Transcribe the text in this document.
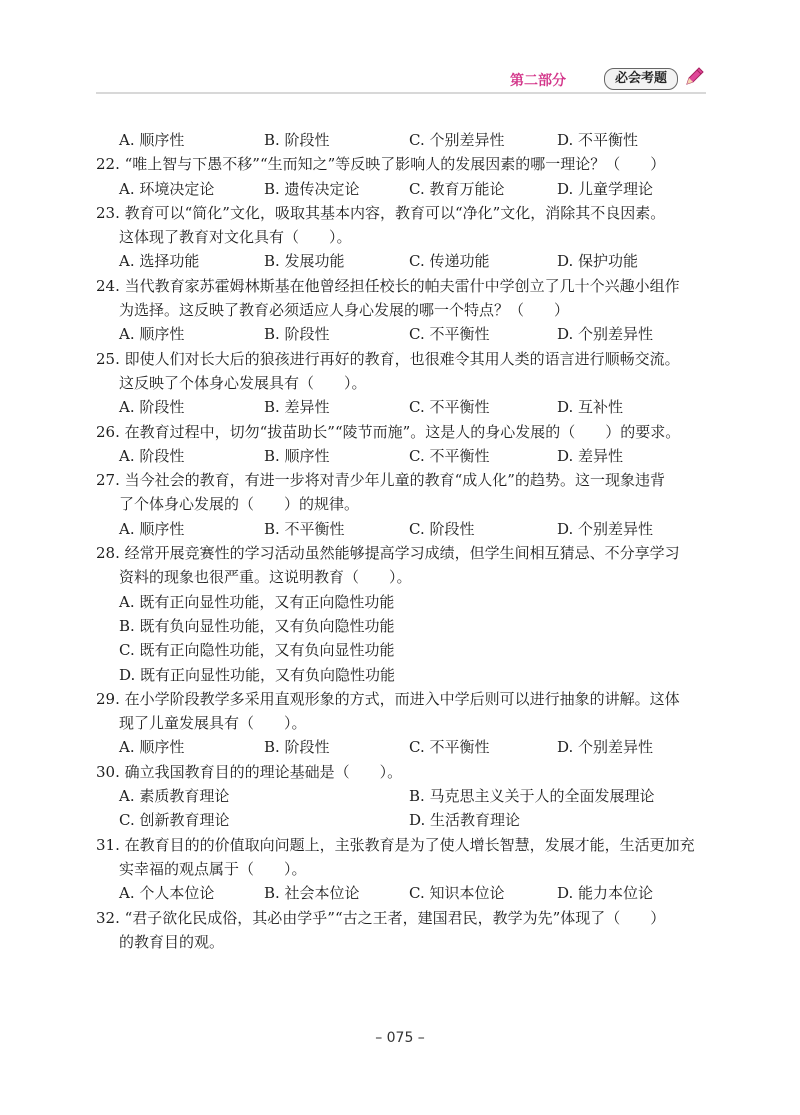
第二部分	必会考题
A. 顺序性	B. 阶段性	C. 个别差异性	D. 不平衡性
22. “唯上智与下愚不移”“生而知之”等反映了影响人的发展因素的哪一理论？（　　）
A. 环境决定论	B. 遗传决定论	C. 教育万能论	D. 儿童学理论
23. 教育可以“简化”文化，吸取其基本内容，教育可以“净化”文化，消除其不良因素。
这体现了教育对文化具有（　　）。
A. 选择功能	B. 发展功能	C. 传递功能	D. 保护功能
24. 当代教育家苏霍姆林斯基在他曾经担任校长的帕夫雷什中学创立了几十个兴趣小组作
为选择。这反映了教育必须适应人身心发展的哪一个特点？（　　）
A. 顺序性	B. 阶段性	C. 不平衡性	D. 个别差异性
25. 即使人们对长大后的狼孩进行再好的教育，也很难令其用人类的语言进行顺畅交流。
这反映了个体身心发展具有（　　）。
A. 阶段性	B. 差异性	C. 不平衡性	D. 互补性
26. 在教育过程中，切勿“拔苗助长”“陵节而施”。这是人的身心发展的（　　）的要求。
A. 阶段性	B. 顺序性	C. 不平衡性	D. 差异性
27. 当今社会的教育，有进一步将对青少年儿童的教育“成人化”的趋势。这一现象违背
了个体身心发展的（　　）的规律。
A. 顺序性	B. 不平衡性	C. 阶段性	D. 个别差异性
28. 经常开展竞赛性的学习活动虽然能够提高学习成绩，但学生间相互猜忌、不分享学习
资料的现象也很严重。这说明教育（　　）。
A. 既有正向显性功能，又有正向隐性功能
B. 既有负向显性功能，又有负向隐性功能
C. 既有正向隐性功能，又有负向显性功能
D. 既有正向显性功能，又有负向隐性功能
29. 在小学阶段教学多采用直观形象的方式，而进入中学后则可以进行抽象的讲解。这体
现了儿童发展具有（　　）。
A. 顺序性	B. 阶段性	C. 不平衡性	D. 个别差异性
30. 确立我国教育目的的理论基础是（　　）。
A. 素质教育理论	B. 马克思主义关于人的全面发展理论
C. 创新教育理论	D. 生活教育理论
31. 在教育目的的价值取向问题上，主张教育是为了使人增长智慧，发展才能，生活更加充
实幸福的观点属于（　　）。
A. 个人本位论	B. 社会本位论	C. 知识本位论	D. 能力本位论
32. “君子欲化民成俗，其必由学乎”“古之王者，建国君民，教学为先”体现了（　　）
的教育目的观。
– 075 –
